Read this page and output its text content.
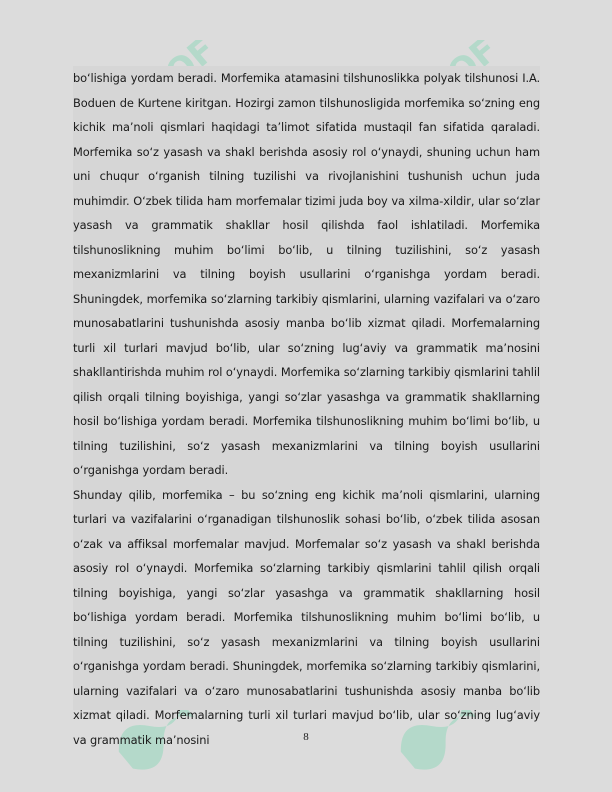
bo‘lishiga yordam beradi. Morfemika atamasini tilshunoslikka polyak tilshunosi I.A. Boduen de Kurtene kiritgan. Hozirgi zamon tilshunosligida morfemika so‘zning eng kichik ma’noli qismlari haqidagi ta’limot sifatida mustaqil fan sifatida qaraladi. Morfemika so‘z yasash va shakl berishda asosiy rol o‘ynaydi, shuning uchun ham uni chuqur o‘rganish tilning tuzilishi va rivojlanishini tushunish uchun juda muhimdir. O‘zbek tilida ham morfemalar tizimi juda boy va xilma-xildir, ular so‘zlar yasash va grammatik shakllar hosil qilishda faol ishlatiladi. Morfemika tilshunoslikning muhim bo‘limi bo‘lib, u tilning tuzilishini, so‘z yasash mexanizmlarini va tilning boyish usullarini o‘rganishga yordam beradi. Shuningdek, morfemika so‘zlarning tarkibiy qismlarini, ularning vazifalari va o‘zaro munosabatlarini tushunishda asosiy manba bo‘lib xizmat qiladi. Morfemalarning turli xil turlari mavjud bo‘lib, ular so‘zning lug‘aviy va grammatik ma’nosini shakllantirishda muhim rol o‘ynaydi. Morfemika so‘zlarning tarkibiy qismlarini tahlil qilish orqali tilning boyishiga, yangi so‘zlar yasashga va grammatik shakllarning hosil bo‘lishiga yordam beradi. Morfemika tilshunoslikning muhim bo‘limi bo‘lib, u tilning tuzilishini, so‘z yasash mexanizmlarini va tilning boyish usullarini o‘rganishga yordam beradi.

Shunday qilib, morfemika – bu so‘zning eng kichik ma’noli qismlarini, ularning turlari va vazifalarini o‘rganadigan tilshunoslik sohasi bo‘lib, o‘zbek tilida asosan o‘zak va affiksal morfemalar mavjud. Morfemalar so‘z yasash va shakl berishda asosiy rol o‘ynaydi. Morfemika so‘zlarning tarkibiy qismlarini tahlil qilish orqali tilning boyishiga, yangi so‘zlar yasashga va grammatik shakllarning hosil bo‘lishiga yordam beradi. Morfemika tilshunoslikning muhim bo‘limi bo‘lib, u tilning tuzilishini, so‘z yasash mexanizmlarini va tilning boyish usullarini o‘rganishga yordam beradi. Shuningdek, morfemika so‘zlarning tarkibiy qismlarini, ularning vazifalari va o‘zaro munosabatlarini tushunishda asosiy manba bo‘lib xizmat qiladi. Morfemalarning turli xil turlari mavjud bo‘lib, ular so‘zning lug‘aviy va grammatik ma’nosini	8
